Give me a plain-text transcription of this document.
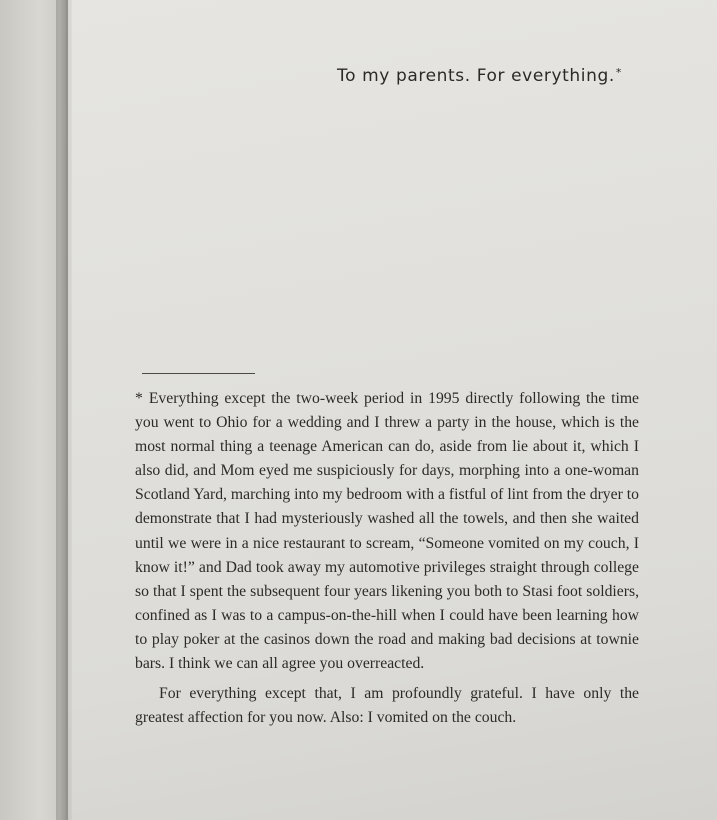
To my parents. For everything.*

* Everything except the two-week period in 1995 directly following the time you went to Ohio for a wedding and I threw a party in the house, which is the most normal thing a teenage American can do, aside from lie about it, which I also did, and Mom eyed me suspiciously for days, morphing into a one-woman Scotland Yard, marching into my bedroom with a fistful of lint from the dryer to demonstrate that I had mysteriously washed all the towels, and then she waited until we were in a nice restaurant to scream, “Someone vomited on my couch, I know it!” and Dad took away my automotive privileges straight through college so that I spent the subsequent four years likening you both to Stasi foot soldiers, confined as I was to a campus-on-the-hill when I could have been learning how to play poker at the casinos down the road and making bad decisions at townie bars. I think we can all agree you overreacted.

For everything except that, I am profoundly grateful. I have only the greatest affection for you now. Also: I vomited on the couch.
